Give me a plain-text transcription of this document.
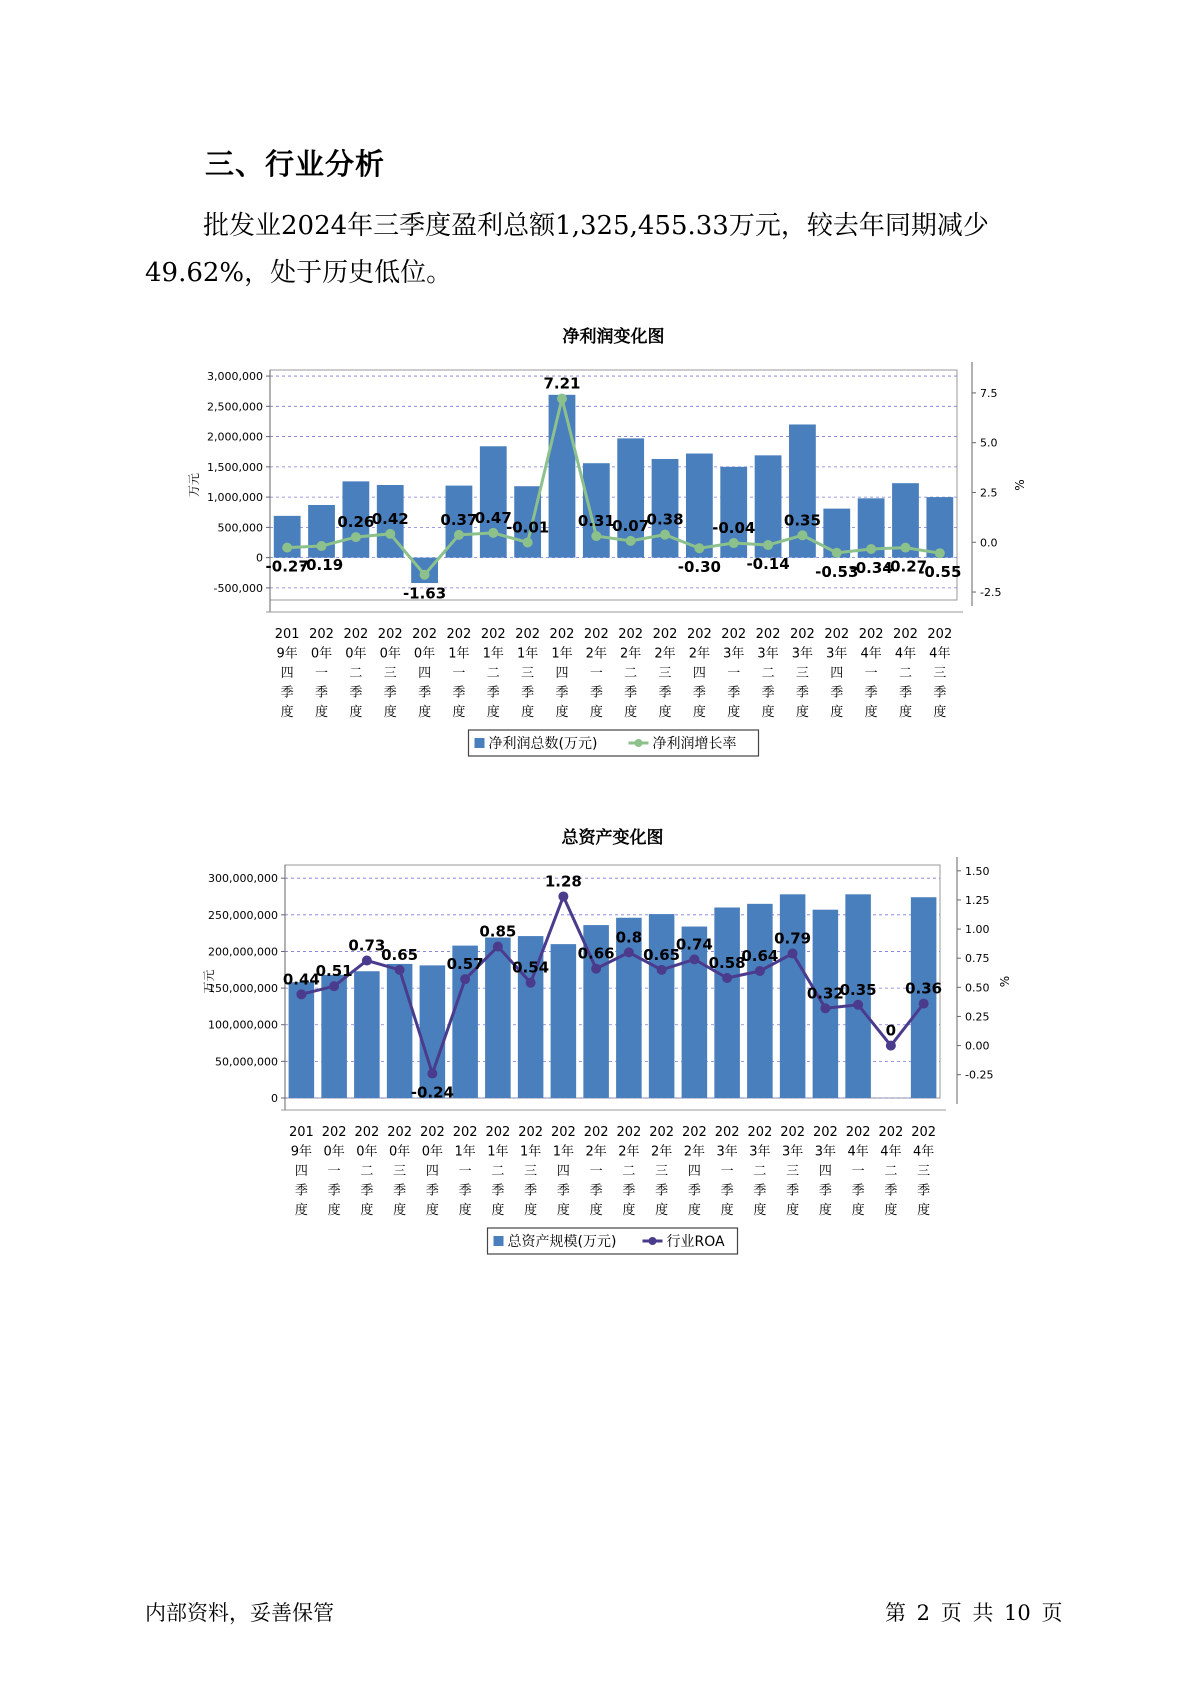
三、行业分析
批发业2024年三季度盈利总额1,325,455.33万元，较去年同期减少49.62%，处于历史低位。
净利润变化图
-500,000
0
500,000
1,000,000
1,500,000
2,000,000
2,500,000
3,000,000
-2.5
0.0
2.5
5.0
7.5
万元	%
-0.27
-0.19
0.26
0.42
-1.63
0.37
0.47
-0.01
7.21
0.31
0.07
0.38
-0.30
-0.04
-0.14
0.35
-0.53
-0.34
-0.27
-0.55
201
9年
四
季
度
202
0年
一
季
度
202
0年
二
季
度
202
0年
三
季
度
202
0年
四
季
度
202
1年
一
季
度
202
1年
二
季
度
202
1年
三
季
度
202
1年
四
季
度
202
2年
一
季
度
202
2年
二
季
度
202
2年
三
季
度
202
2年
四
季
度
202
3年
一
季
度
202
3年
二
季
度
202
3年
三
季
度
202
3年
四
季
度
202
4年
一
季
度
202
4年
二
季
度
202
4年
三
季
度
净利润总数(万元)	净利润增长率
总资产变化图
0
50,000,000
100,000,000
150,000,000
200,000,000
250,000,000
300,000,000
-0.25
0.00
0.25
0.50
0.75
1.00
1.25
1.50
万元	%
0.44
0.51
0.73
0.65
-0.24
0.57
0.85
0.54
1.28
0.66
0.8
0.65
0.74
0.58
0.64
0.79
0.32
0.35
0
0.36
201
9年
四
季
度
202
0年
一
季
度
202
0年
二
季
度
202
0年
三
季
度
202
0年
四
季
度
202
1年
一
季
度
202
1年
二
季
度
202
1年
三
季
度
202
1年
四
季
度
202
2年
一
季
度
202
2年
二
季
度
202
2年
三
季
度
202
2年
四
季
度
202
3年
一
季
度
202
3年
二
季
度
202
3年
三
季
度
202
3年
四
季
度
202
4年
一
季
度
202
4年
二
季
度
202
4年
三
季
度
总资产规模(万元)	行业ROA
内部资料，妥善保管	第 2 页 共 10 页
